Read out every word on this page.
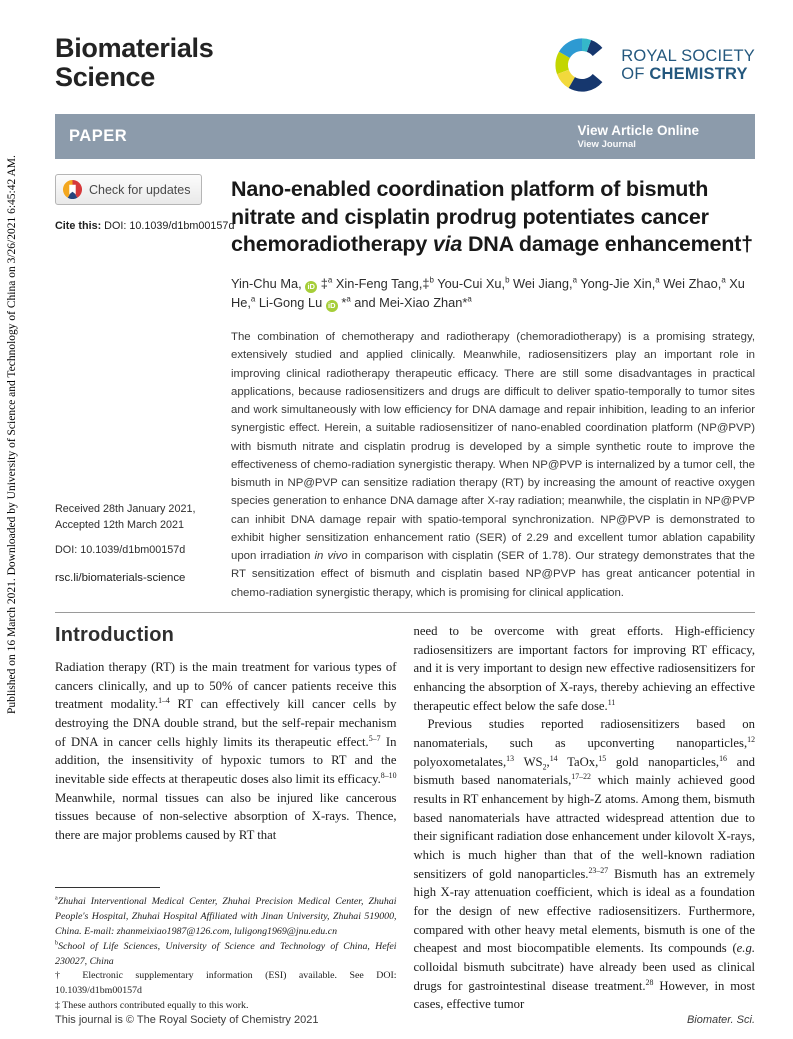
Published on 16 March 2021. Downloaded by University of Science and Technology of China on 3/26/2021 6:45:42 AM.
Biomaterials
Science
ROYAL SOCIETY
OF CHEMISTRY
PAPER	View Article Online
View Journal
Check for updates
Cite this: DOI: 10.1039/d1bm00157d
Received 28th January 2021,
Accepted 12th March 2021
DOI: 10.1039/d1bm00157d
rsc.li/biomaterials-science
Nano-enabled coordination platform of bismuth nitrate and cisplatin prodrug potentiates cancer chemoradiotherapy via DNA damage enhancement†
Yin-Chu Ma, iD ‡$^a$ Xin-Feng Tang,‡$^b$ You-Cui Xu,$^b$ Wei Jiang,$^a$ Yong-Jie Xin,$^a$ Wei Zhao,$^a$ Xu He,$^a$ Li-Gong Lu iD *$^a$ and Mei-Xiao Zhan*$^a$

The combination of chemotherapy and radiotherapy (chemoradiotherapy) is a promising strategy, extensively studied and applied clinically. Meanwhile, radiosensitizers play an important role in improving clinical radiotherapy therapeutic efficacy. There are still some disadvantages in practical applications, because radiosensitizers and drugs are difficult to deliver spatio-temporally to tumor sites and work simultaneously with low efficiency for DNA damage and repair inhibition, leading to an inferior synergistic effect. Herein, a suitable radiosensitizer of nano-enabled coordination platform (NP@PVP) with bismuth nitrate and cisplatin prodrug is developed by a simple synthetic route to improve the effectiveness of chemo-radiation synergistic therapy. When NP@PVP is internalized by a tumor cell, the bismuth in NP@PVP can sensitize radiation therapy (RT) by increasing the amount of reactive oxygen species generation to enhance DNA damage after X-ray radiation; meanwhile, the cisplatin in NP@PVP can inhibit DNA damage repair with spatio-temporal synchronization. NP@PVP is demonstrated to exhibit higher sensitization enhancement ratio (SER) of 2.29 and excellent tumor ablation capability upon irradiation in vivo in comparison with cisplatin (SER of 1.78). Our strategy demonstrates that the RT sensitization effect of bismuth and cisplatin based NP@PVP has great anticancer potential in chemo-radiation synergistic therapy, which is promising for clinical application.

Introduction

Radiation therapy (RT) is the main treatment for various types of cancers clinically, and up to 50% of cancer patients receive this treatment modality.$^{1-4}$ RT can effectively kill cancer cells by destroying the DNA double strand, but the self-repair mechanism of DNA in cancer cells highly limits its therapeutic effect.$^{5-7}$ In addition, the insensitivity of hypoxic tumors to RT and the inevitable side effects at therapeutic doses also limit its efficacy.$^{8-10}$ Meanwhile, normal tissues can also be injured like cancerous tissues because of non-selective absorption of X-rays. Thence, there are major problems caused by RT that

$^a$Zhuhai Interventional Medical Center, Zhuhai Precision Medical Center, Zhuhai People's Hospital, Zhuhai Hospital Affiliated with Jinan University, Zhuhai 519000, China. E-mail: zhanmeixiao1987@126.com, luligong1969@jnu.edu.cn
$^b$School of Life Sciences, University of Science and Technology of China, Hefei 230027, China
† Electronic supplementary information (ESI) available. See DOI: 10.1039/d1bm00157d
‡ These authors contributed equally to this work.

need to be overcome with great efforts. High-efficiency radiosensitizers are important factors for improving RT efficacy, and it is very important to design new effective radiosensitizers for enhancing the absorption of X-rays, thereby achieving an effective therapeutic effect below the safe dose.$^{11}$

Previous studies reported radiosensitizers based on nanomaterials, such as upconverting nanoparticles,$^{12}$ polyoxometalates,$^{13}$ $WS_2,^{14}$ TaOx,$^{15}$ gold nanoparticles,$^{16}$ and bismuth based nanomaterials,$^{17-22}$ which mainly achieved good results in RT enhancement by high-Z atoms. Among them, bismuth based nanomaterials have attracted widespread attention due to their significant radiation dose enhancement under kilovolt X-rays, which is much higher than that of the well-known radiation sensitizers of gold nanoparticles.$^{23-27}$ Bismuth has an extremely high X-ray attenuation coefficient, which is ideal as a foundation for the design of new effective radiosensitizers. Furthermore, compared with other heavy metal elements, bismuth is one of the cheapest and most biocompatible elements. Its compounds (e.g. colloidal bismuth subcitrate) have already been used as clinical drugs for gastrointestinal disease treatment.$^{28}$ However, in most cases, effective tumor

This journal is © The Royal Society of Chemistry 2021	Biomater. Sci.
